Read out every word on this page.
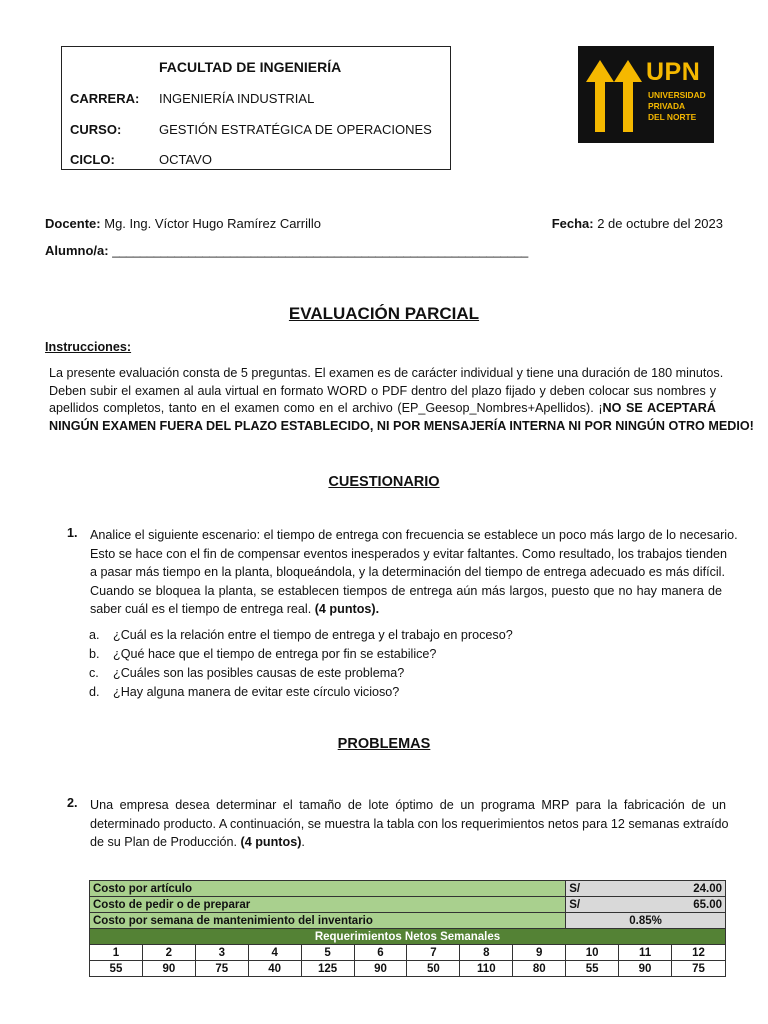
FACULTAD DE INGENIERÍA
CARRERA:	INGENIERÍA INDUSTRIAL
CURSO:	GESTIÓN ESTRATÉGICA DE OPERACIONES
CICLO:	OCTAVO
UPN
UNIVERSIDAD
PRIVADA
DEL NORTE
Docente: Mg. Ing. Víctor Hugo Ramírez Carrillo	Fecha: 2 de octubre del 2023
Alumno/a: ____________________________________________________________
EVALUACIÓN PARCIAL
Instrucciones:
La presente evaluación consta de 5 preguntas. El examen es de carácter individual y tiene una duración de 180 minutos.
Deben subir el examen al aula virtual en formato WORD o PDF dentro del plazo fijado y deben colocar sus nombres y
apellidos completos, tanto en el examen como en el archivo (EP_Geesop_Nombres+Apellidos). ¡NO SE ACEPTARÁ
NINGÚN EXAMEN FUERA DEL PLAZO ESTABLECIDO, NI POR MENSAJERÍA INTERNA NI POR NINGÚN OTRO MEDIO!
CUESTIONARIO
1. Analice el siguiente escenario: el tiempo de entrega con frecuencia se establece un poco más largo de lo necesario.
Esto se hace con el fin de compensar eventos inesperados y evitar faltantes. Como resultado, los trabajos tienden
a pasar más tiempo en la planta, bloqueándola, y la determinación del tiempo de entrega adecuado es más difícil.
Cuando se bloquea la planta, se establecen tiempos de entrega aún más largos, puesto que no hay manera de
saber cuál es el tiempo de entrega real. (4 puntos).
a. ¿Cuál es la relación entre el tiempo de entrega y el trabajo en proceso?
b. ¿Qué hace que el tiempo de entrega por fin se estabilice?
c. ¿Cuáles son las posibles causas de este problema?
d. ¿Hay alguna manera de evitar este círculo vicioso?
PROBLEMAS
2. Una empresa desea determinar el tamaño de lote óptimo de un programa MRP para la fabricación de un
determinado producto. A continuación, se muestra la tabla con los requerimientos netos para 12 semanas extraído
de su Plan de Producción. (4 puntos).
Costo por artículo									S/ 24.00		

Costo de pedir o de preparar									S/ 65.00		

Costo por semana de mantenimiento del inventario									0.85%		
Requerimientos Netos Semanales											
1	2	3	4	5	6	7	8	9	10	11	12
55	90	75	40	125	90	50	110	80	55	90	75
